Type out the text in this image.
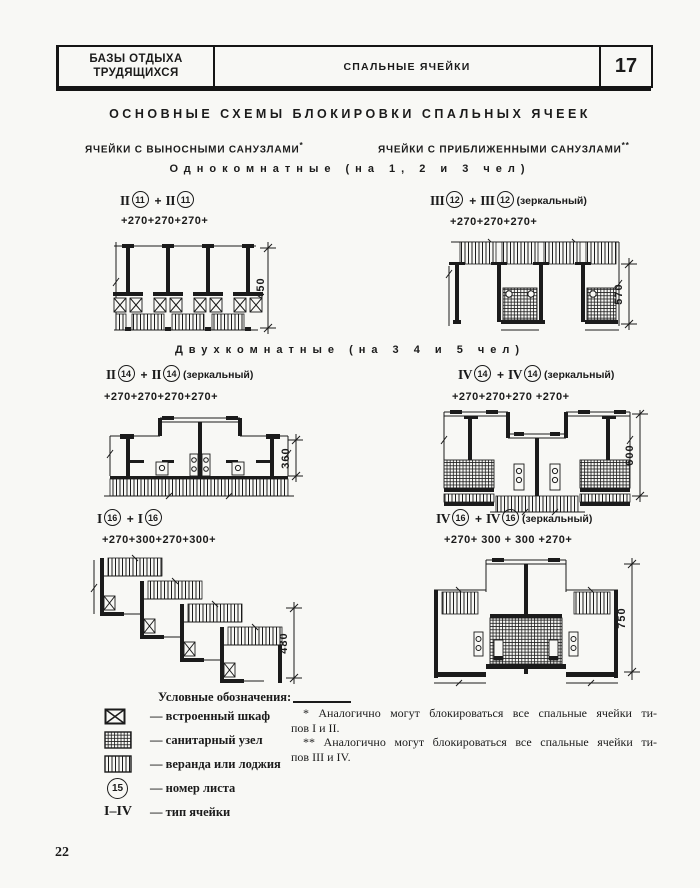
БАЗЫ ОТДЫХА ТРУДЯЩИХСЯ	СПАЛЬНЫЕ ЯЧЕЙКИ	17
ОСНОВНЫЕ СХЕМЫ БЛОКИРОВКИ СПАЛЬНЫХ ЯЧЕЕК
ЯЧЕЙКИ С ВЫНОСНЫМИ САНУЗЛАМИ*	ЯЧЕЙКИ С ПРИБЛИЖЕННЫМИ САНУЗЛАМИ**
Однокомнатные (на 1, 2 и 3 чел)
II 11 + II 11
+270+270+270+
III 12 + III 12 (зеркальный)
+270+270+270+
450	570
Двухкомнатные (на 3 4 и 5 чел)
II 14 + II 14 (зеркальный)
+270+270+270+270+
IV 14 + IV 14 (зеркальный)
+270+270+270 +270+
360	600
I 16 + I 16
+270+300+270+300+
IV 16 + IV 16 (зеркальный)
+270+ 300 + 300 +270+
480
750
Условные обозначения:
— встроенный шкаф
— санитарный узел
— веранда или лоджия
15	— номер листа
I–IV — тип ячейки
* Аналогично могут блокироваться все спальные ячейки ти-
пов I и II.
** Аналогично могут блокироваться все спальные ячейки ти-
пов III и IV.
22
